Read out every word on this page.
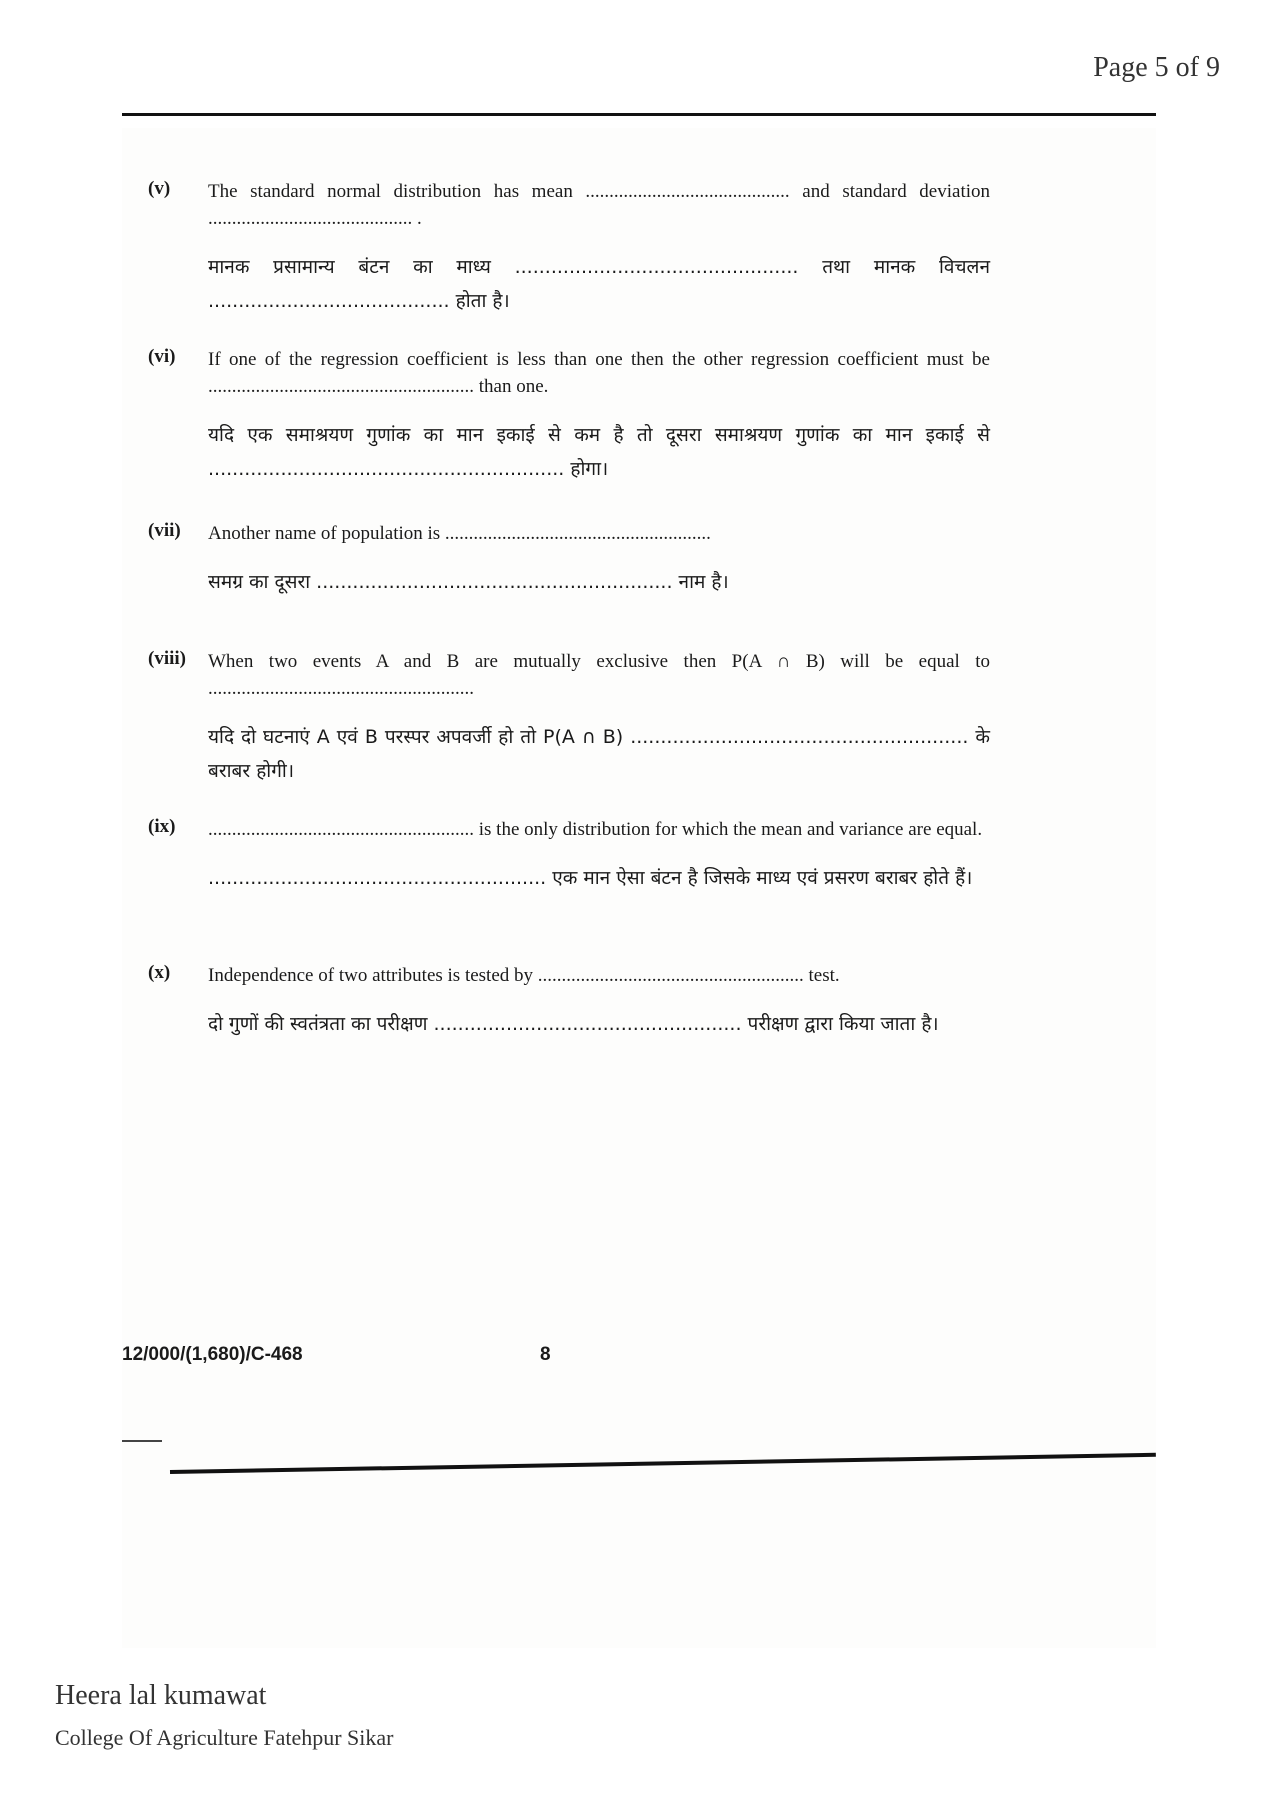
Page 5 of 9
(v)	The standard normal distribution has mean ........................................... and standard deviation ........................................... .
मानक प्रसामान्य बंटन का माध्य ............................................... तथा मानक विचलन ........................................ होता है।
(vi)	If one of the regression coefficient is less than one then the other regression coefficient must be ........................................................ than one.
यदि एक समाश्रयण गुणांक का मान इकाई से कम है तो दूसरा समाश्रयण गुणांक का मान इकाई से ........................................................... होगा।
(vii)	Another name of population is ........................................................
समग्र का दूसरा ........................................................... नाम है।
(viii)	When two events A and B are mutually exclusive then P(A ∩ B) will be equal to ........................................................
यदि दो घटनाएं A एवं B परस्पर अपवर्जी हो तो P(A ∩ B) ........................................................ के बराबर होगी।
(ix)	........................................................ is the only distribution for which the mean and variance are equal.
........................................................ एक मान ऐसा बंटन है जिसके माध्य एवं प्रसरण बराबर होते हैं।
(x)	Independence of two attributes is tested by ........................................................ test.
दो गुणों की स्वतंत्रता का परीक्षण ................................................... परीक्षण द्वारा किया जाता है।
12/000/(1,680)/C-468	8
Heera lal kumawat
College Of Agriculture Fatehpur Sikar
